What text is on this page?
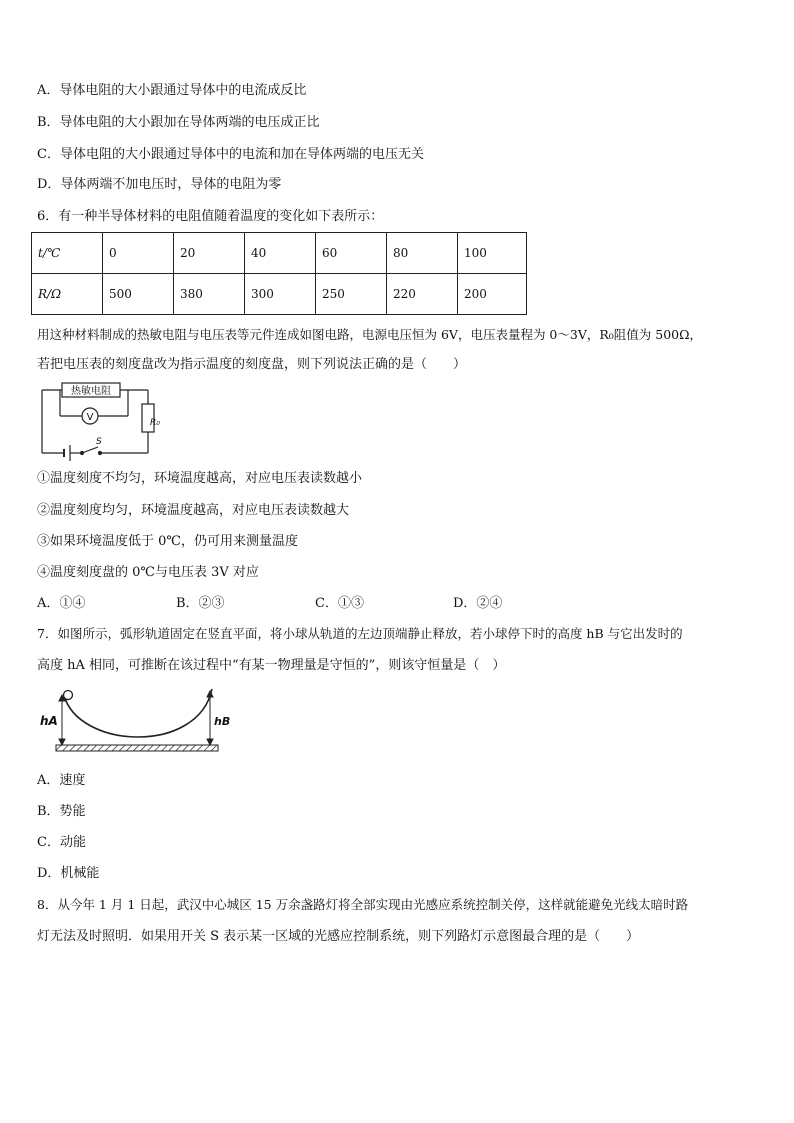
A．导体电阻的大小跟通过导体中的电流成反比
B．导体电阻的大小跟加在导体两端的电压成正比
C．导体电阻的大小跟通过导体中的电流和加在导体两端的电压无关
D．导体两端不加电压时，导体的电阻为零
6．有一种半导体材料的电阻值随着温度的变化如下表所示：
t/℃	0	20	40	60	80	100
R/Ω	500	380	300	250	220	200
用这种材料制成的热敏电阻与电压表等元件连成如图电路，电源电压恒为 6V，电压表量程为 0～3V，R₀阻值为 500Ω，
若把电压表的刻度盘改为指示温度的刻度盘，则下列说法正确的是（　　）
热敏电阻
V	R₀
S
①温度刻度不均匀，环境温度越高，对应电压表读数越小
②温度刻度均匀，环境温度越高，对应电压表读数越大
③如果环境温度低于 0℃，仍可用来测量温度
④温度刻度盘的 0℃与电压表 3V 对应
A．①④	B．②③	C．①③	D．②④
7．如图所示，弧形轨道固定在竖直平面，将小球从轨道的左边顶端静止释放，若小球停下时的高度 hB 与它出发时的
高度 hA 相同，可推断在该过程中“有某一物理量是守恒的”，则该守恒量是（　）
hA	hB
A．速度
B．势能
C．动能
D．机械能
8．从今年 1 月 1 日起，武汉中心城区 15 万余盏路灯将全部实现由光感应系统控制关停，这样就能避免光线太暗时路
灯无法及时照明．如果用开关 S 表示某一区域的光感应控制系统，则下列路灯示意图最合理的是（　　）
